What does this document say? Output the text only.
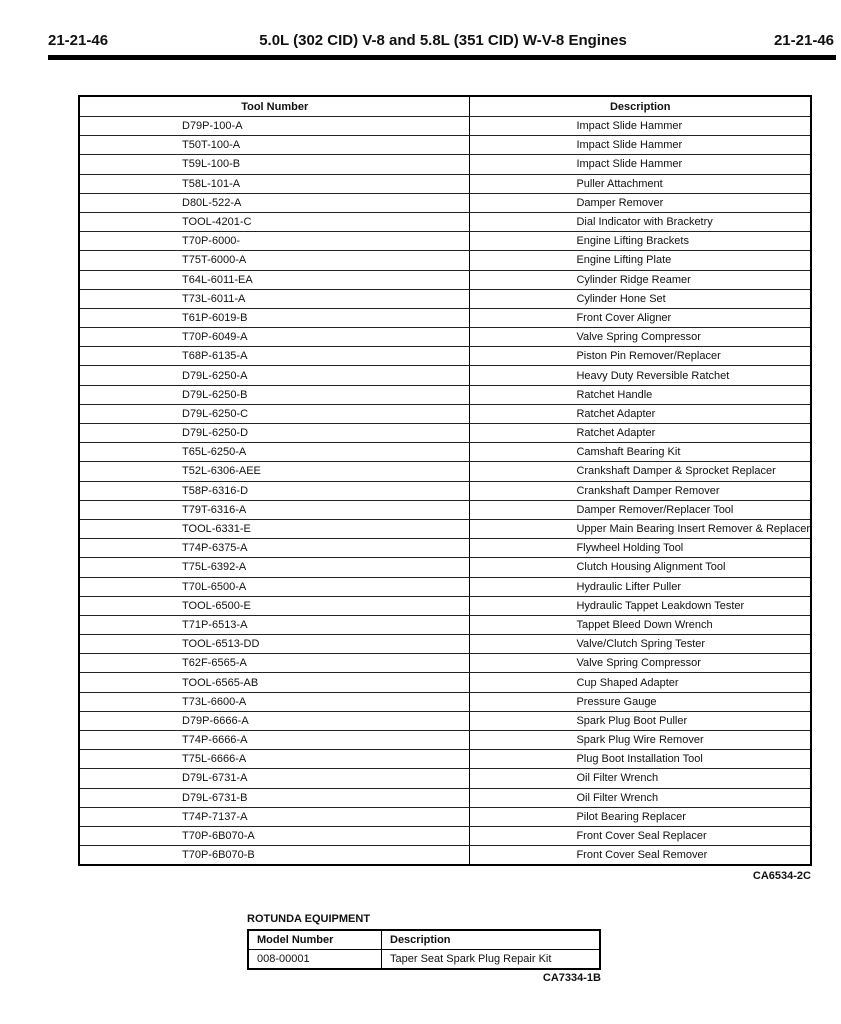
21-21-46	5.0L (302 CID) V-8 and 5.8L (351 CID) W-V-8 Engines	21-21-46
Tool Number	Description
D79P-100-A	Impact Slide Hammer
T50T-100-A	Impact Slide Hammer
T59L-100-B	Impact Slide Hammer
T58L-101-A	Puller Attachment
D80L-522-A	Damper Remover
TOOL-4201-C	Dial Indicator with Bracketry
T70P-6000-	Engine Lifting Brackets
T75T-6000-A	Engine Lifting Plate
T64L-6011-EA	Cylinder Ridge Reamer
T73L-6011-A	Cylinder Hone Set
T61P-6019-B	Front Cover Aligner
T70P-6049-A	Valve Spring Compressor
T68P-6135-A	Piston Pin Remover/Replacer
D79L-6250-A	Heavy Duty Reversible Ratchet
D79L-6250-B	Ratchet Handle
D79L-6250-C	Ratchet Adapter
D79L-6250-D	Ratchet Adapter
T65L-6250-A	Camshaft Bearing Kit
T52L-6306-AEE	Crankshaft Damper & Sprocket Replacer
T58P-6316-D	Crankshaft Damper Remover
T79T-6316-A	Damper Remover/Replacer Tool
TOOL-6331-E	Upper Main Bearing Insert Remover & Replacer
T74P-6375-A	Flywheel Holding Tool
T75L-6392-A	Clutch Housing Alignment Tool
T70L-6500-A	Hydraulic Lifter Puller
TOOL-6500-E	Hydraulic Tappet Leakdown Tester
T71P-6513-A	Tappet Bleed Down Wrench
TOOL-6513-DD	Valve/Clutch Spring Tester
T62F-6565-A	Valve Spring Compressor
TOOL-6565-AB	Cup Shaped Adapter
T73L-6600-A	Pressure Gauge
D79P-6666-A	Spark Plug Boot Puller
T74P-6666-A	Spark Plug Wire Remover
T75L-6666-A	Plug Boot Installation Tool
D79L-6731-A	Oil Filter Wrench
D79L-6731-B	Oil Filter Wrench
T74P-7137-A	Pilot Bearing Replacer
T70P-6B070-A	Front Cover Seal Replacer
T70P-6B070-B	Front Cover Seal Remover
CA6534-2C
ROTUNDA EQUIPMENT
Model Number	Description
008-00001	Taper Seat Spark Plug Repair Kit
CA7334-1B
